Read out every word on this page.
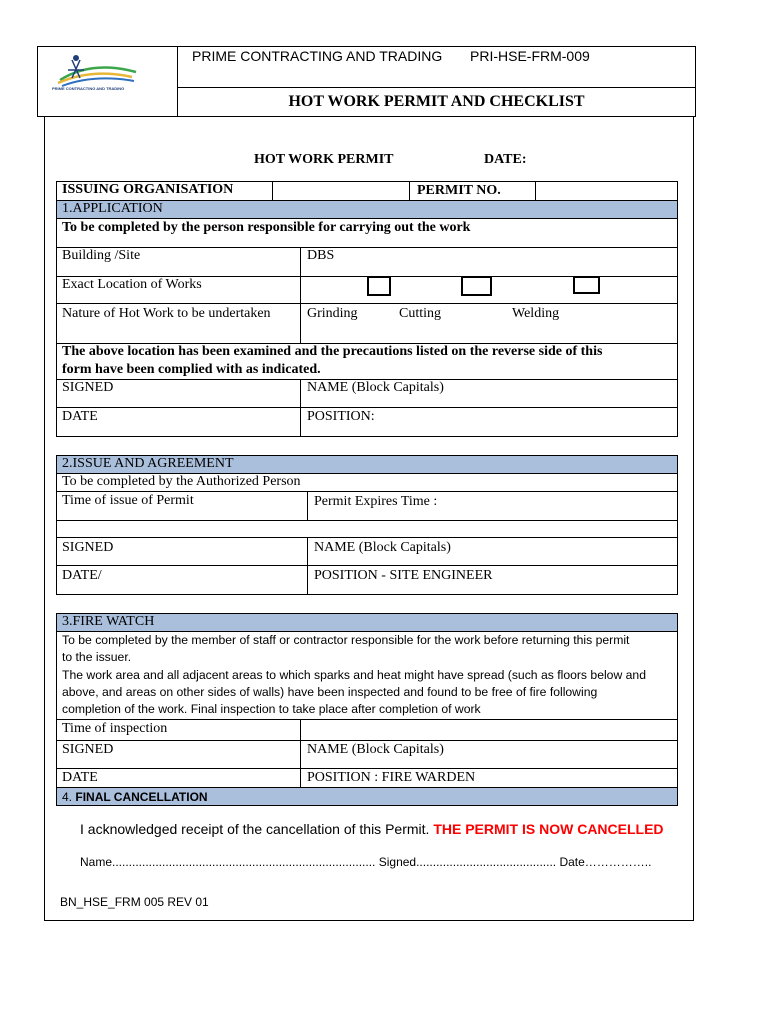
PRIME CONTRACTING AND TRADING
PRIME CONTRACTING AND TRADING PRI-HSE-FRM-009
HOT WORK PERMIT AND CHECKLIST
HOT WORK PERMIT	DATE:
ISSUING ORGANISATION	PERMIT NO.
1.APPLICATION
To be completed by the person responsible for carrying out the work
Building /Site	DBS
Exact Location of Works
Nature of Hot Work to be undertaken	Grinding	Cutting	Welding
The above location has been examined and the precautions listed on the reverse side of this
form have been complied with as indicated.
SIGNED	NAME (Block Capitals)
DATE	POSITION:
2.ISSUE AND AGREEMENT
To be completed by the Authorized Person
Time of issue of Permit	Permit Expires Time :
SIGNED	NAME (Block Capitals)
DATE/	POSITION - SITE ENGINEER
3.FIRE WATCH
To be completed by the member of staff or contractor responsible for the work before returning this permit
to the issuer.
The work area and all adjacent areas to which sparks and heat might have spread (such as floors below and
above, and areas on other sides of walls) have been inspected and found to be free of fire following
completion of the work. Final inspection to take place after completion of work
Time of inspection
SIGNED	NAME (Block Capitals)
DATE	POSITION : FIRE WARDEN
4. FINAL CANCELLATION
I acknowledged receipt of the cancellation of this Permit. THE PERMIT IS NOW CANCELLED
Name............................................................................... Signed.......................................... Date……………..
BN_HSE_FRM 005 REV 01
